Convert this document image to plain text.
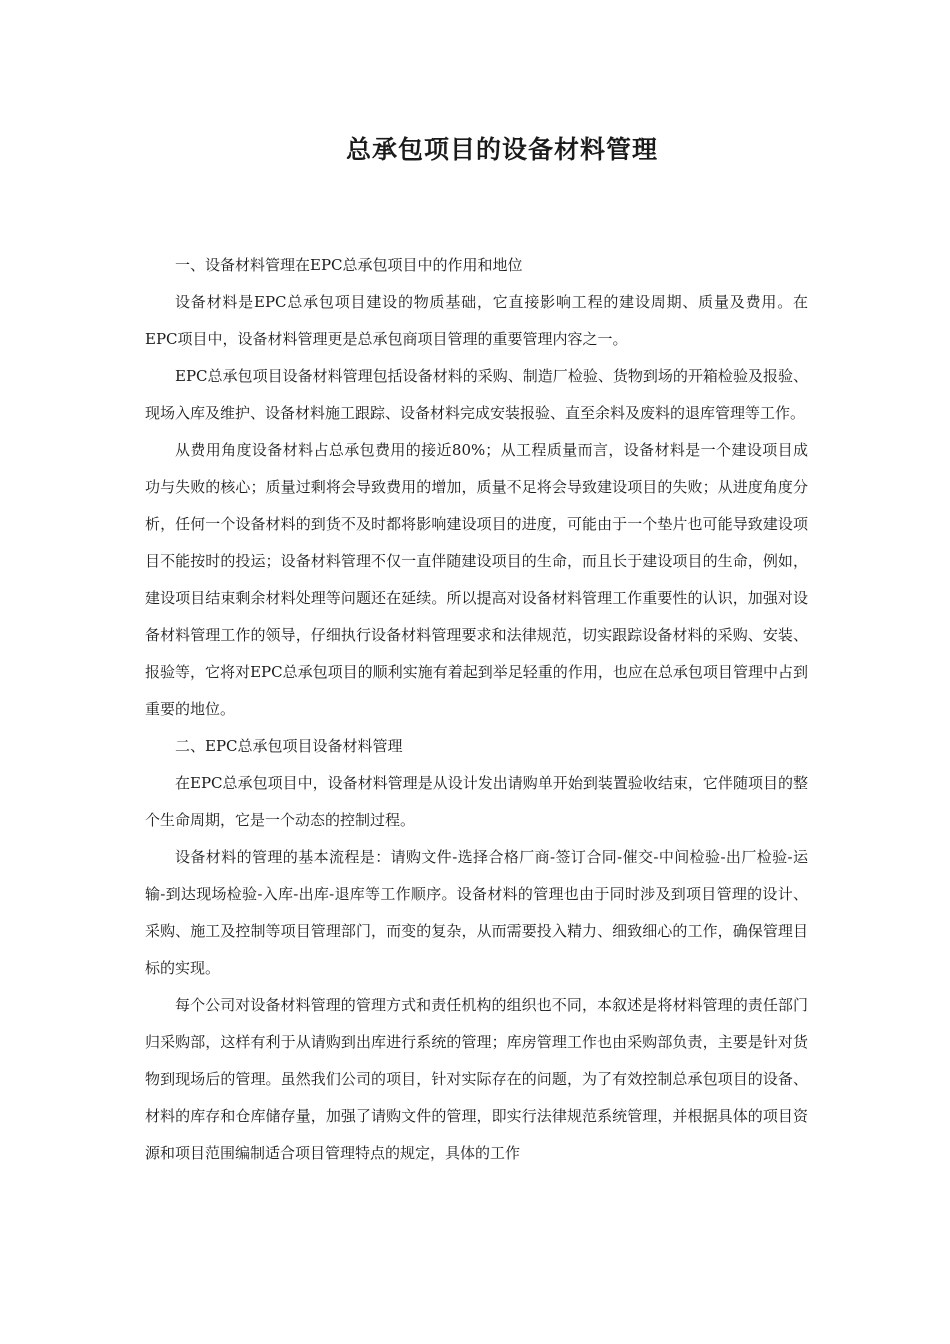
总承包项目的设备材料管理

一、设备材料管理在EPC总承包项目中的作用和地位

设备材料是EPC总承包项目建设的物质基础，它直接影响工程的建设周期、质量及费用。在EPC项目中，设备材料管理更是总承包商项目管理的重要管理内容之一。

EPC总承包项目设备材料管理包括设备材料的采购、制造厂检验、货物到场的开箱检验及报验、现场入库及维护、设备材料施工跟踪、设备材料完成安装报验、直至余料及废料的退库管理等工作。

从费用角度设备材料占总承包费用的接近80%；从工程质量而言，设备材料是一个建设项目成功与失败的核心；质量过剩将会导致费用的增加，质量不足将会导致建设项目的失败；从进度角度分析，任何一个设备材料的到货不及时都将影响建设项目的进度，可能由于一个垫片也可能导致建设项目不能按时的投运；设备材料管理不仅一直伴随建设项目的生命，而且长于建设项目的生命，例如，建设项目结束剩余材料处理等问题还在延续。所以提高对设备材料管理工作重要性的认识，加强对设备材料管理工作的领导，仔细执行设备材料管理要求和法律规范，切实跟踪设备材料的采购、安装、报验等，它将对EPC总承包项目的顺利实施有着起到举足轻重的作用，也应在总承包项目管理中占到重要的地位。

二、EPC总承包项目设备材料管理

在EPC总承包项目中，设备材料管理是从设计发出请购单开始到装置验收结束，它伴随项目的整个生命周期，它是一个动态的控制过程。

设备材料的管理的基本流程是：请购文件-选择合格厂商-签订合同-催交-中间检验-出厂检验-运输-到达现场检验-入库-出库-退库等工作顺序。设备材料的管理也由于同时涉及到项目管理的设计、采购、施工及控制等项目管理部门，而变的复杂，从而需要投入精力、细致细心的工作，确保管理目标的实现。

每个公司对设备材料管理的管理方式和责任机构的组织也不同，本叙述是将材料管理的责任部门归采购部，这样有利于从请购到出库进行系统的管理；库房管理工作也由采购部负责，主要是针对货物到现场后的管理。虽然我们公司的项目，针对实际存在的问题，为了有效控制总承包项目的设备、材料的库存和仓库储存量，加强了请购文件的管理，即实行法律规范系统管理，并根据具体的项目资源和项目范围编制适合项目管理特点的规定，具体的工作
